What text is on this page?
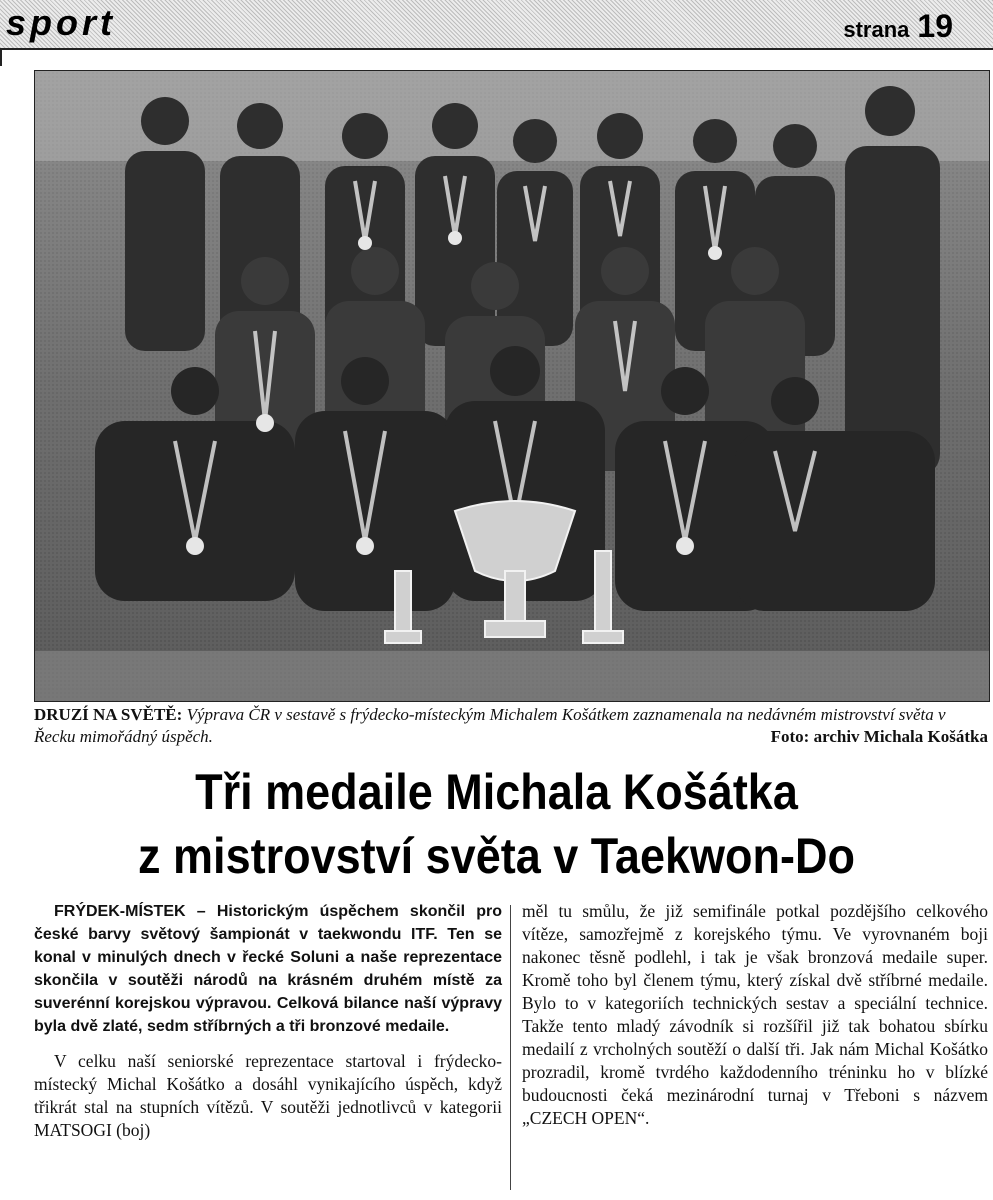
sport	strana 19
DRUZÍ NA SVĚTĚ: Výprava ČR v sestavě s frýdecko-místeckým Michalem Košátkem zaznamenala na nedávném mistrovství světa v Řecku mimořádný úspěch.	Foto: archiv Michala Košátka
Tři medaile Michala Košátka
z mistrovství světa v Taekwon-Do

FRÝDEK-MÍSTEK – Historickým úspěchem skončil pro české barvy světový šampionát v taekwondu ITF. Ten se konal v minulých dnech v řecké Soluni a naše reprezentace skončila v soutěži národů na krásném druhém místě za suverénní korejskou výpravou. Celková bilance naší výpravy byla dvě zlaté, sedm stříbrných a tři bronzové medaile.

V celku naší seniorské reprezentace startoval i frýdecko-místecký Michal Košátko a dosáhl vynikajícího úspěch, když třikrát stal na stupních vítězů. V soutěži jednotlivců v kategorii MATSOGI (boj)

měl tu smůlu, že již semifinále potkal pozdějšího celkového vítěze, samozřejmě z korejského týmu. Ve vyrovnaném boji nakonec těsně podlehl, i tak je však bronzová medaile super. Kromě toho byl členem týmu, který získal dvě stříbrné medaile. Bylo to v kategoriích technických sestav a speciální technice. Takže tento mladý závodník si rozšířil již tak bohatou sbírku medailí z vrcholných soutěží o další tři. Jak nám Michal Košátko prozradil, kromě tvrdého každodenního tréninku ho v blízké budoucnosti čeká mezinárodní turnaj v Třeboni s názvem „CZECH OPEN“.
